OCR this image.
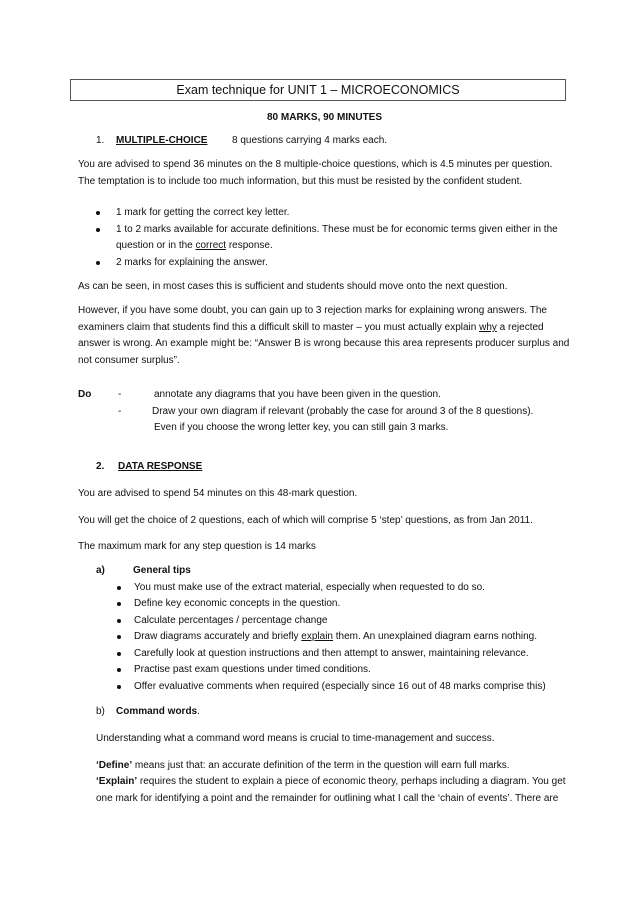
Exam technique for UNIT 1 – MICROECONOMICS
80 MARKS, 90 MINUTES
1. MULTIPLE-CHOICE 8 questions carrying 4 marks each.
You are advised to spend 36 minutes on the 8 multiple-choice questions, which is 4.5 minutes per question.
The temptation is to include too much information, but this must be resisted by the confident student.
1 mark for getting the correct key letter.
1 to 2 marks available for accurate definitions. These must be for economic terms given either in the
question or in the correct response.
2 marks for explaining the answer.
As can be seen, in most cases this is sufficient and students should move onto the next question.
However, if you have some doubt, you can gain up to 3 rejection marks for explaining wrong answers. The
examiners claim that students find this a difficult skill to master – you must actually explain why a rejected
answer is wrong. An example might be: “Answer B is wrong because this area represents producer surplus and
not consumer surplus”.
Do	-	annotate any diagrams that you have been given in the question.
-	Draw your own diagram if relevant (probably the case for around 3 of the 8 questions).
Even if you choose the wrong letter key, you can still gain 3 marks.
2. DATA RESPONSE
You are advised to spend 54 minutes on this 48-mark question.
You will get the choice of 2 questions, each of which will comprise 5 ‘step’ questions, as from Jan 2011.
The maximum mark for any step question is 14 marks
a)	General tips
You must make use of the extract material, especially when requested to do so.
Define key economic concepts in the question.
Calculate percentages / percentage change
Draw diagrams accurately and briefly explain them. An unexplained diagram earns nothing.
Carefully look at question instructions and then attempt to answer, maintaining relevance.
Practise past exam questions under timed conditions.
Offer evaluative comments when required (especially since 16 out of 48 marks comprise this)
b) Command words.
Understanding what a command word means is crucial to time-management and success.
‘Define’ means just that: an accurate definition of the term in the question will earn full marks.
‘Explain’ requires the student to explain a piece of economic theory, perhaps including a diagram. You get
one mark for identifying a point and the remainder for outlining what I call the ‘chain of events’. There are
